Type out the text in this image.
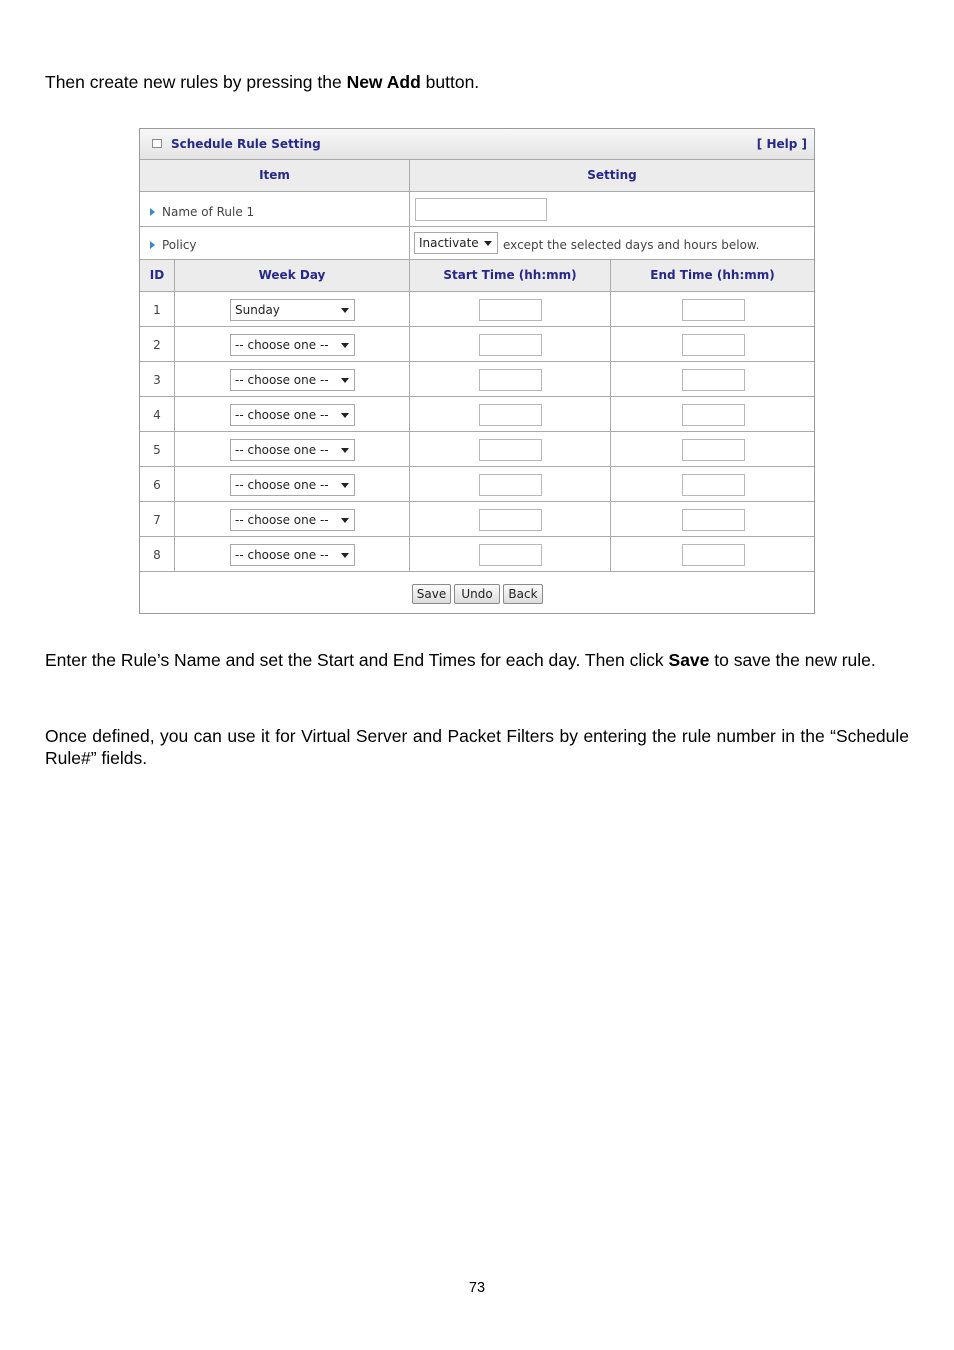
Then create new rules by pressing the New Add button.
Schedule Rule Setting	[ Help ]
Item	Setting
Name of Rule 1
Policy	Inactivate except the selected days and hours below.
ID	Week Day	Start Time (hh:mm)	End Time (hh:mm)
1	Sunday
2	-- choose one --
3	-- choose one --
4	-- choose one --
5	-- choose one --
6	-- choose one --
7	-- choose one --
8	-- choose one --
Save	Undo	Back
Enter the Rule’s Name and set the Start and End Times for each day. Then click Save to save the new rule.
Once defined, you can use it for Virtual Server and Packet Filters by entering the rule number in the “Schedule Rule#” fields.
73
